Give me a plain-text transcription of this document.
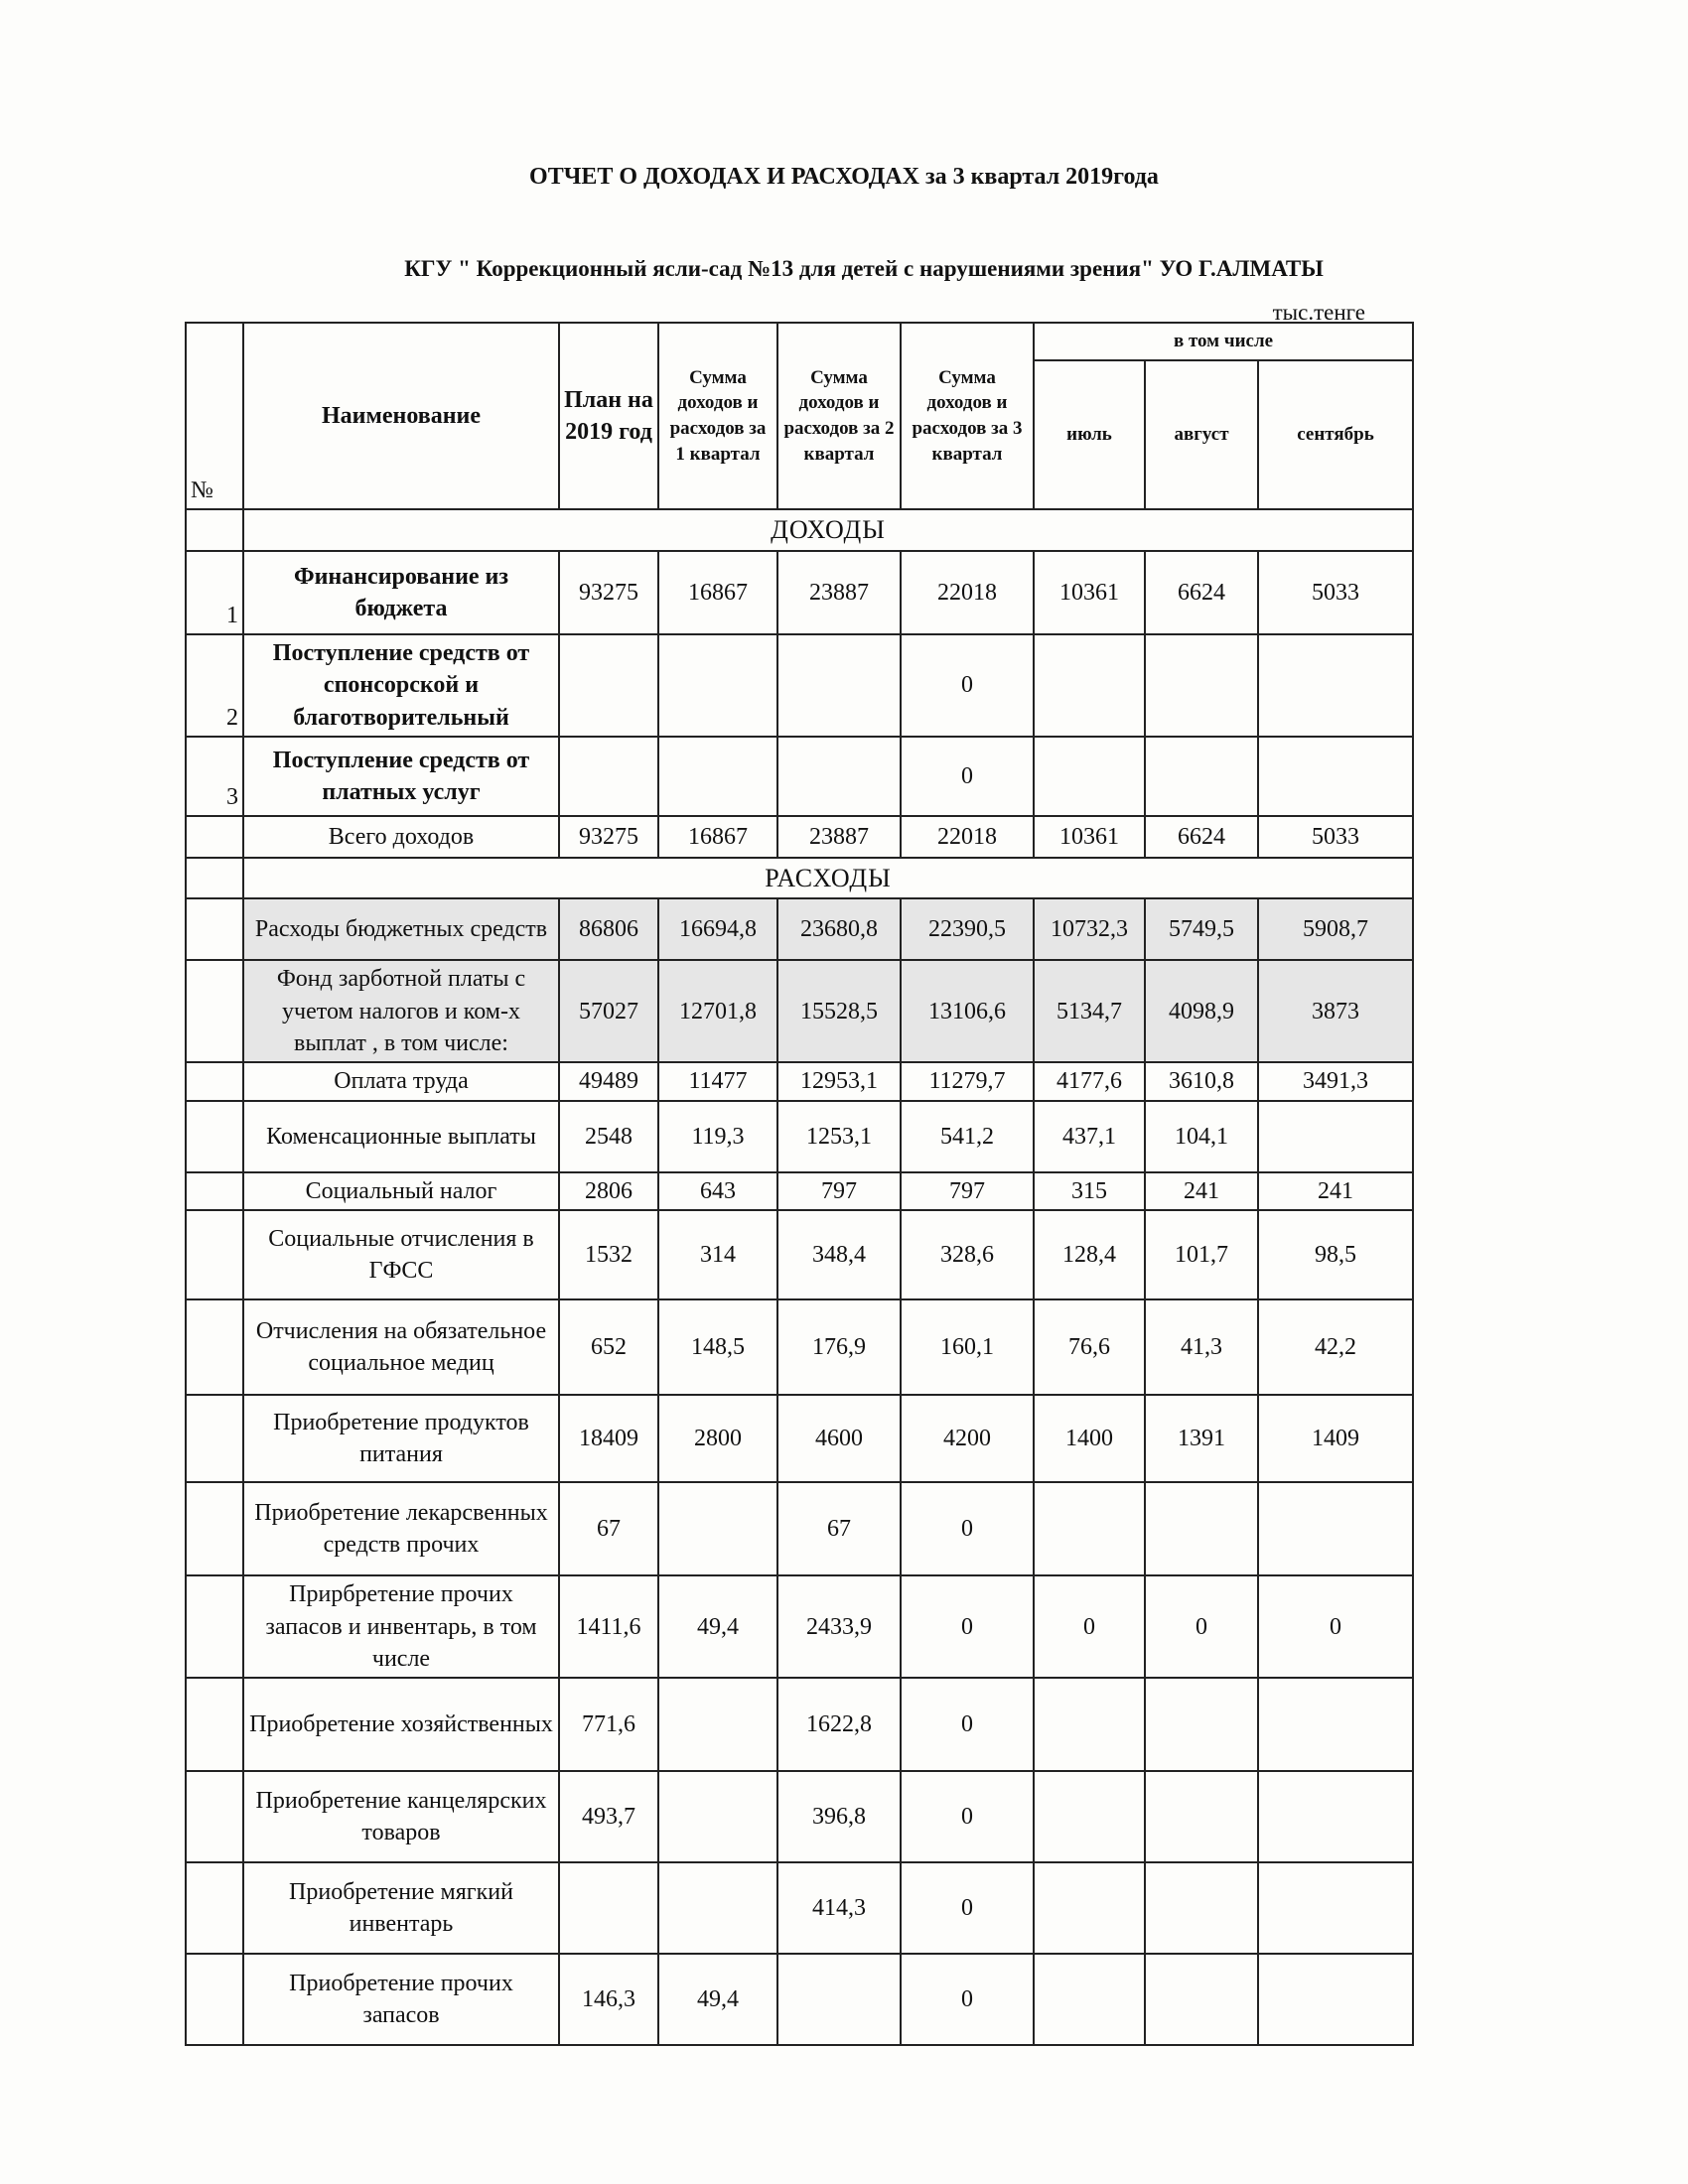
ОТЧЕТ О ДОХОДАХ И РАСХОДАХ за 3 квартал 2019года
КГУ " Коррекционный ясли-сад №13 для детей с нарушениями зрения" УО Г.АЛМАТЫ
тыс.тенге
№	Наименование	План на 2019 год	Сумма доходов и расходов за 1 квартал	Сумма доходов и расходов за 2 квартал	Сумма доходов и расходов за 3 квартал	в том числе		
						июль	август	сентябрь
	ДОХОДЫ							
1	Финансирование из бюджета	93275	16867	23887	22018	10361	6624	5033
2	Поступление средств от спонсорской и благотворительный				0			
3	Поступление средств от платных услуг				0			
	Всего доходов	93275	16867	23887	22018	10361	6624	5033
	РАСХОДЫ							
	Расходы бюджетных средств	86806	16694,8	23680,8	22390,5	10732,3	5749,5	5908,7
	Фонд зарботной платы с учетом налогов и ком-х выплат , в том числе:	57027	12701,8	15528,5	13106,6	5134,7	4098,9	3873
	Оплата труда	49489	11477	12953,1	11279,7	4177,6	3610,8	3491,3
	Коменсационные выплаты	2548	119,3	1253,1	541,2	437,1	104,1	
	Социальный налог	2806	643	797	797	315	241	241
	Социальные отчисления в ГФСС	1532	314	348,4	328,6	128,4	101,7	98,5
	Отчисления на обязательное социальное медиц	652	148,5	176,9	160,1	76,6	41,3	42,2
	Приобретение продуктов питания	18409	2800	4600	4200	1400	1391	1409
	Приобретение лекарсвенных средств прочих	67		67	0			
	Прирбретение прочих запасов и инвентарь, в том числе	1411,6	49,4	2433,9	0	0	0	0
	Приобретение хозяйственных	771,6		1622,8	0			
	Приобретение канцелярских товаров	493,7		396,8	0			
	Приобретение мягкий инвентарь			414,3	0			
	Приобретение прочих запасов	146,3	49,4		0			
